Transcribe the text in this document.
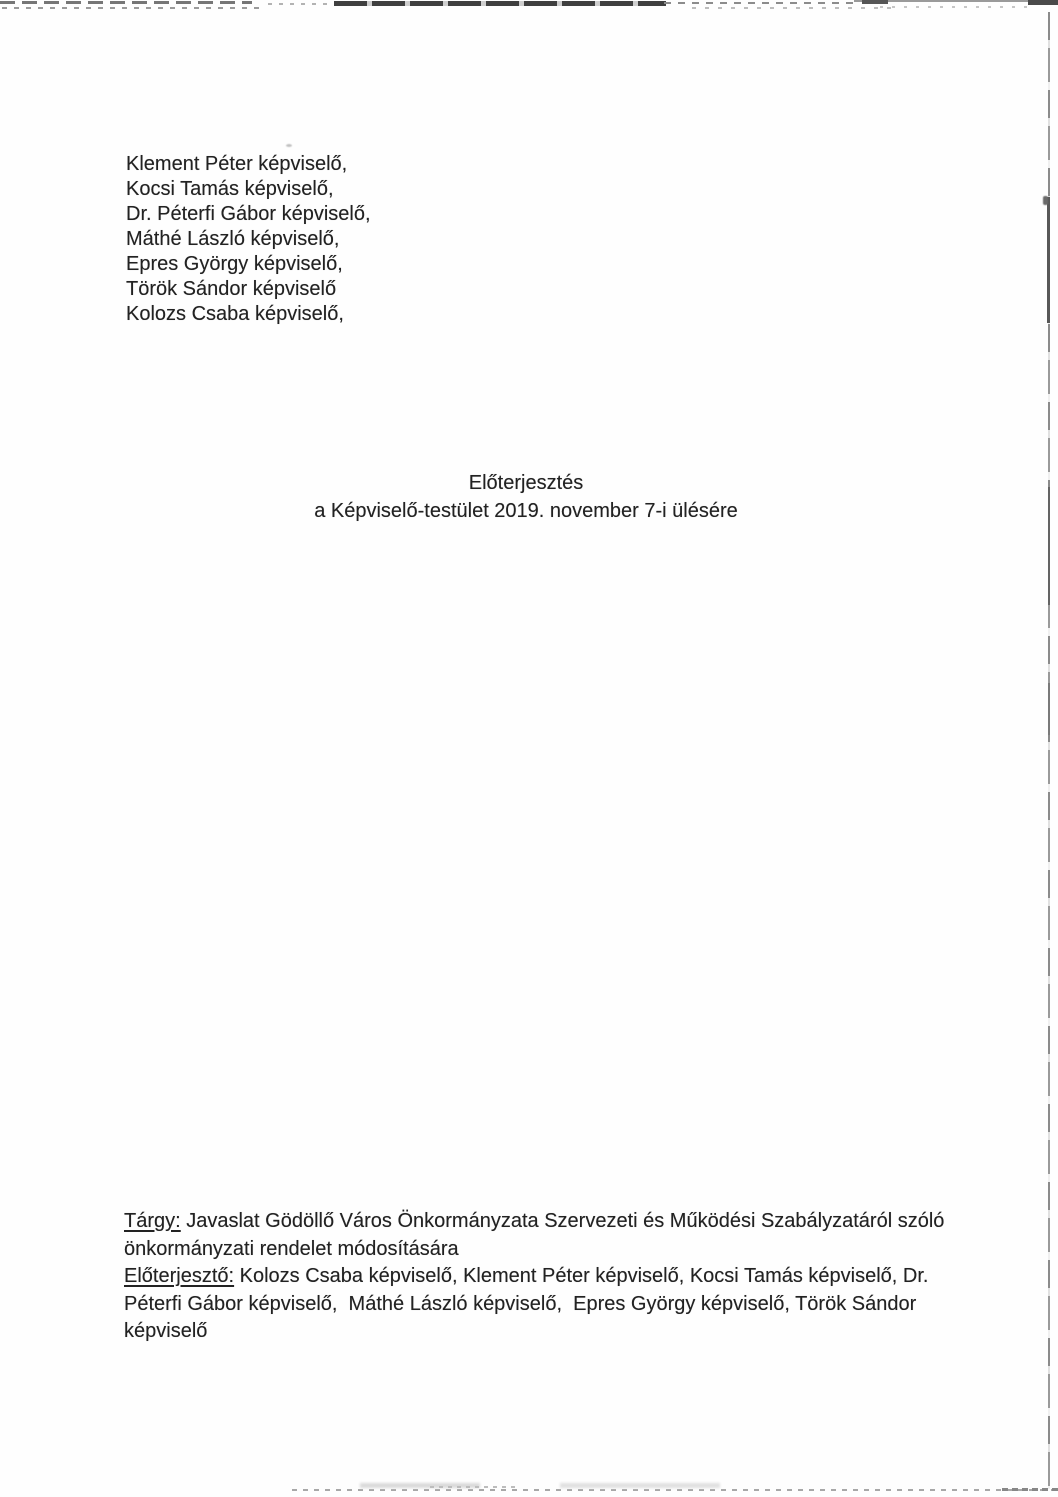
Klement Péter képviselő,
Kocsi Tamás képviselő,
Dr. Péterfi Gábor képviselő,
Máthé László képviselő,
Epres György képviselő,
Török Sándor képviselő
Kolozs Csaba képviselő,
Előterjesztés
a Képviselő-testület 2019. november 7-i ülésére
Tárgy: Javaslat Gödöllő Város Önkormányzata Szervezeti és Működési Szabályzatáról szóló
önkormányzati rendelet módosítására
Előterjesztő: Kolozs Csaba képviselő, Klement Péter képviselő, Kocsi Tamás képviselő, Dr.
Péterfi Gábor képviselő,  Máthé László képviselő,  Epres György képviselő, Török Sándor
képviselő
